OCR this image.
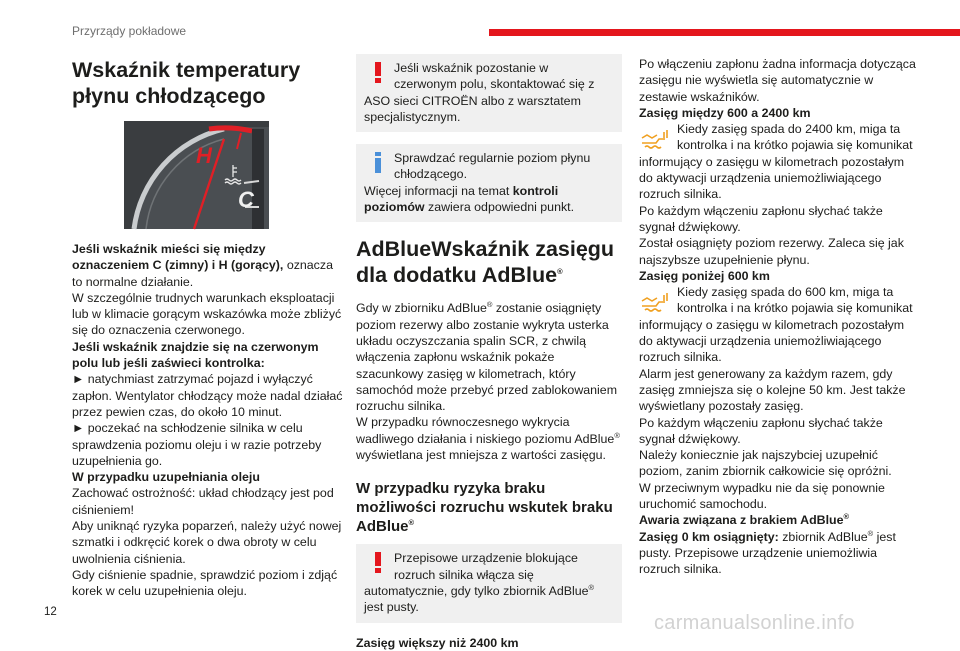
Przyrządy pokładowe
Wskaźnik temperatury płynu chłodzącego
H
C
Jeśli wskaźnik mieści się między oznaczeniem C (zimny) i H (gorący), oznacza to normalne działanie.
W szczególnie trudnych warunkach eksploatacji lub w klimacie gorącym wskazówka może zbliżyć się do oznaczenia czerwonego.
Jeśli wskaźnik znajdzie się na czerwonym polu lub jeśli zaświeci kontrolka:
► natychmiast zatrzymać pojazd i wyłączyć zapłon. Wentylator chłodzący może nadal działać przez pewien czas, do około 10 minut.
► poczekać na schłodzenie silnika w celu sprawdzenia poziomu oleju i w razie potrzeby uzupełnienia go.
W przypadku uzupełniania oleju
Zachować ostrożność: układ chłodzący jest pod ciśnieniem!
Aby uniknąć ryzyka poparzeń, należy użyć nowej szmatki i odkręcić korek o dwa obroty w celu uwolnienia ciśnienia.
Gdy ciśnienie spadnie, sprawdzić poziom i zdjąć korek w celu uzupełnienia oleju.
Jeśli wskaźnik pozostanie w czerwonym polu, skontaktować się z ASO sieci CITROËN albo z warsztatem specjalistycznym.
Sprawdzać regularnie poziom płynu chłodzącego.
Więcej informacji na temat kontroli poziomów zawiera odpowiedni punkt.
AdBlueWskaźnik zasięgu dla dodatku AdBlue®
Gdy w zbiorniku AdBlue® zostanie osiągnięty poziom rezerwy albo zostanie wykryta usterka układu oczyszczania spalin SCR, z chwilą włączenia zapłonu wskaźnik pokaże szacunkowy zasięg w kilometrach, który samochód może przebyć przed zablokowaniem rozruchu silnika.
W przypadku równoczesnego wykrycia wadliwego działania i niskiego poziomu AdBlue® wyświetlana jest mniejsza z wartości zasięgu.
W przypadku ryzyka braku możliwości rozruchu wskutek braku AdBlue®
Przepisowe urządzenie blokujące rozruch silnika włącza się automatycznie, gdy tylko zbiornik AdBlue® jest pusty.
Zasięg większy niż 2400 km
Po włączeniu zapłonu żadna informacja dotycząca zasięgu nie wyświetla się automatycznie w zestawie wskaźników.
Zasięg między 600 a 2400 km
Kiedy zasięg spada do 2400 km, miga ta kontrolka i na krótko pojawia się komunikat informujący o zasięgu w kilometrach pozostałym do aktywacji urządzenia uniemożliwiającego rozruch silnika.
Po każdym włączeniu zapłonu słychać także sygnał dźwiękowy.
Został osiągnięty poziom rezerwy. Zaleca się jak najszybsze uzupełnienie płynu.
Zasięg poniżej 600 km
Kiedy zasięg spada do 600 km, miga ta kontrolka i na krótko pojawia się komunikat informujący o zasięgu w kilometrach pozostałym do aktywacji urządzenia uniemożliwiającego rozruch silnika.
Alarm jest generowany za każdym razem, gdy zasięg zmniejsza się o kolejne 50 km. Jest także wyświetlany pozostały zasięg.
Po każdym włączeniu zapłonu słychać także sygnał dźwiękowy.
Należy koniecznie jak najszybciej uzupełnić poziom, zanim zbiornik całkowicie się opróżni.
W przeciwnym wypadku nie da się ponownie uruchomić samochodu.
Awaria związana z brakiem AdBlue®
Zasięg 0 km osiągnięty: zbiornik AdBlue® jest pusty. Przepisowe urządzenie uniemożliwia rozruch silnika.
12	carmanualsonline.info
